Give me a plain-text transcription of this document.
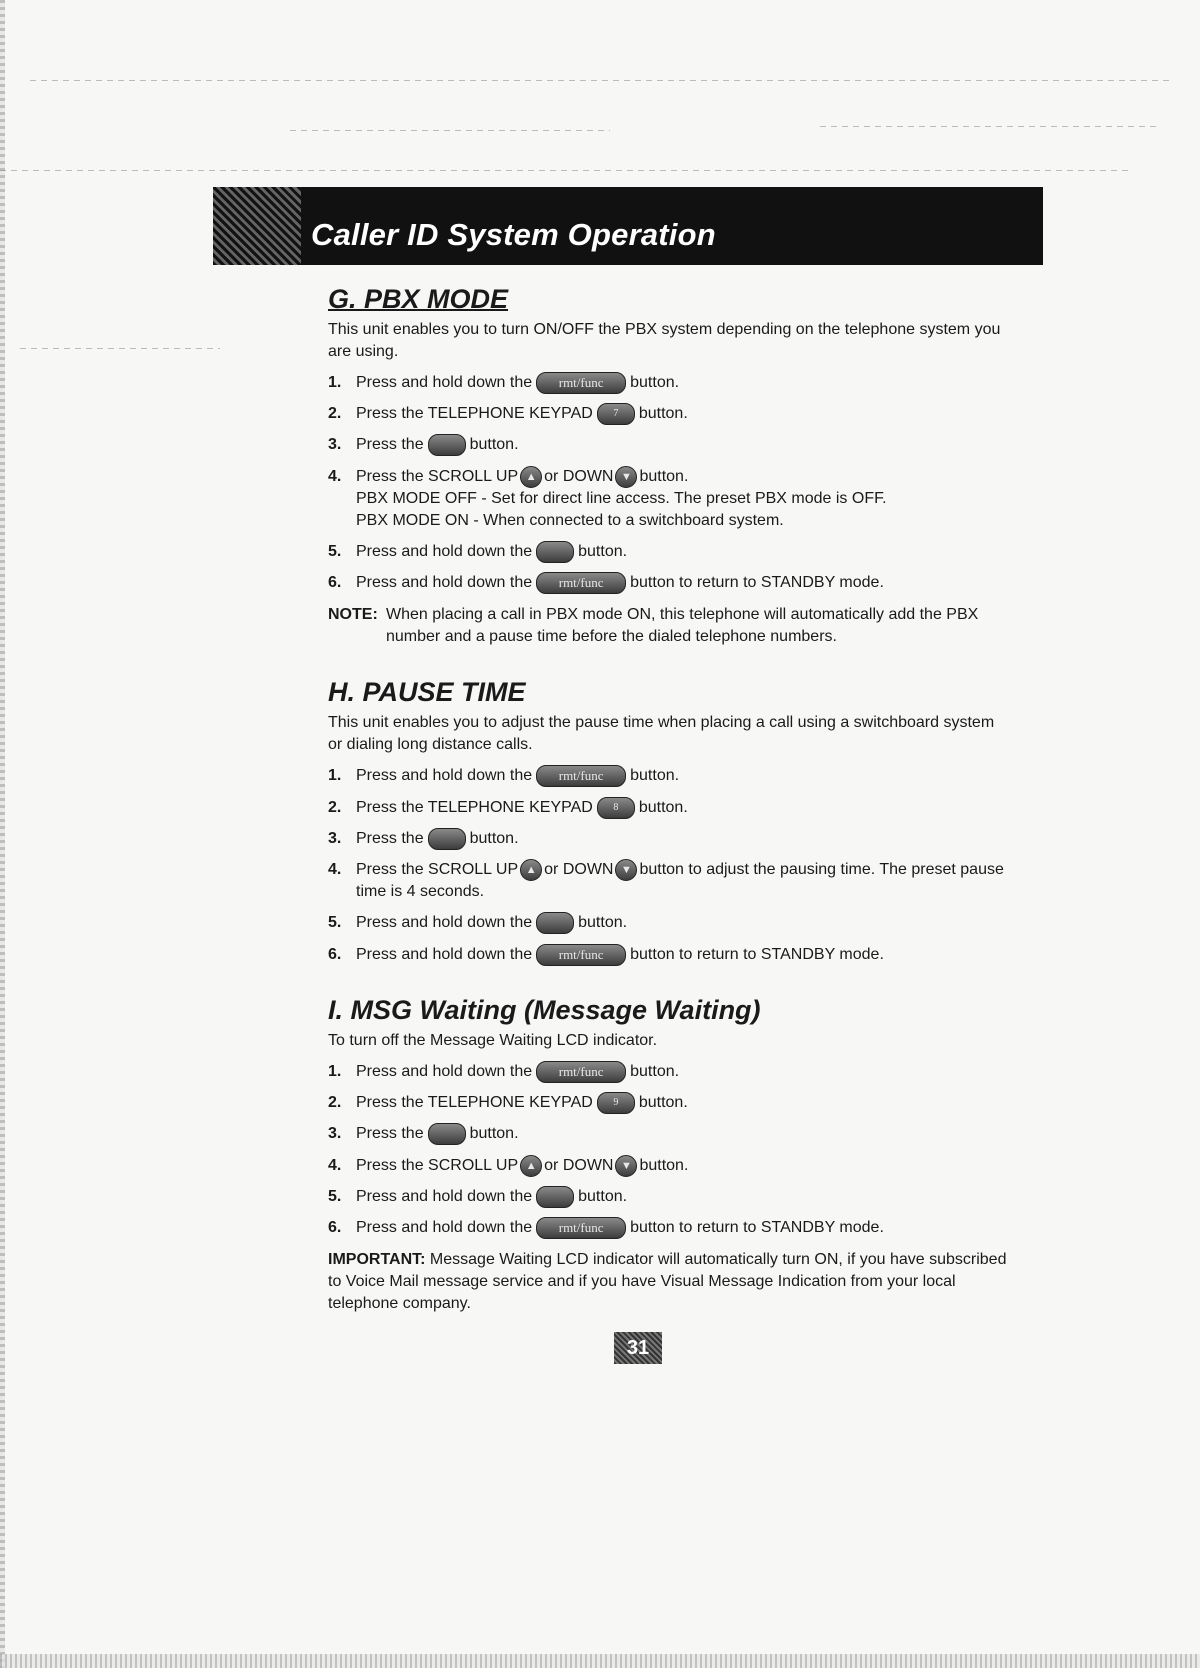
Caller ID System Operation
G. PBX MODE

This unit enables you to turn ON/OFF the PBX system depending on the telephone system you are using.

1. Press and hold down the rmt/func button.
2. Press the TELEPHONE KEYPAD 7 button.
3. Press the	button.
4. Press the SCROLL UP ▲ or DOWN ▼ button.
PBX MODE OFF - Set for direct line access. The preset PBX mode is OFF.
PBX MODE ON - When connected to a switchboard system.
5. Press and hold down the	button.
6. Press and hold down the rmt/func button to return to STANDBY mode.
NOTE: When placing a call in PBX mode ON, this telephone will automatically add the PBX number and a pause time before the dialed telephone numbers.
H. PAUSE TIME

This unit enables you to adjust the pause time when placing a call using a switchboard system or dialing long distance calls.

1. Press and hold down the rmt/func button.
2. Press the TELEPHONE KEYPAD 8 button.
3. Press the	button.
4. Press the SCROLL UP ▲ or DOWN ▼ button to adjust the pausing time. The preset pause time is 4 seconds.
5. Press and hold down the	button.
6. Press and hold down the rmt/func button to return to STANDBY mode.
I. MSG Waiting (Message Waiting)

To turn off the Message Waiting LCD indicator.

1. Press and hold down the rmt/func button.
2. Press the TELEPHONE KEYPAD 9 button.
3. Press the	button.
4. Press the SCROLL UP ▲ or DOWN ▼ button.
5. Press and hold down the	button.
6. Press and hold down the rmt/func button to return to STANDBY mode.

IMPORTANT: Message Waiting LCD indicator will automatically turn ON, if you have subscribed to Voice Mail message service and if you have Visual Message Indication from your local telephone company.

31
